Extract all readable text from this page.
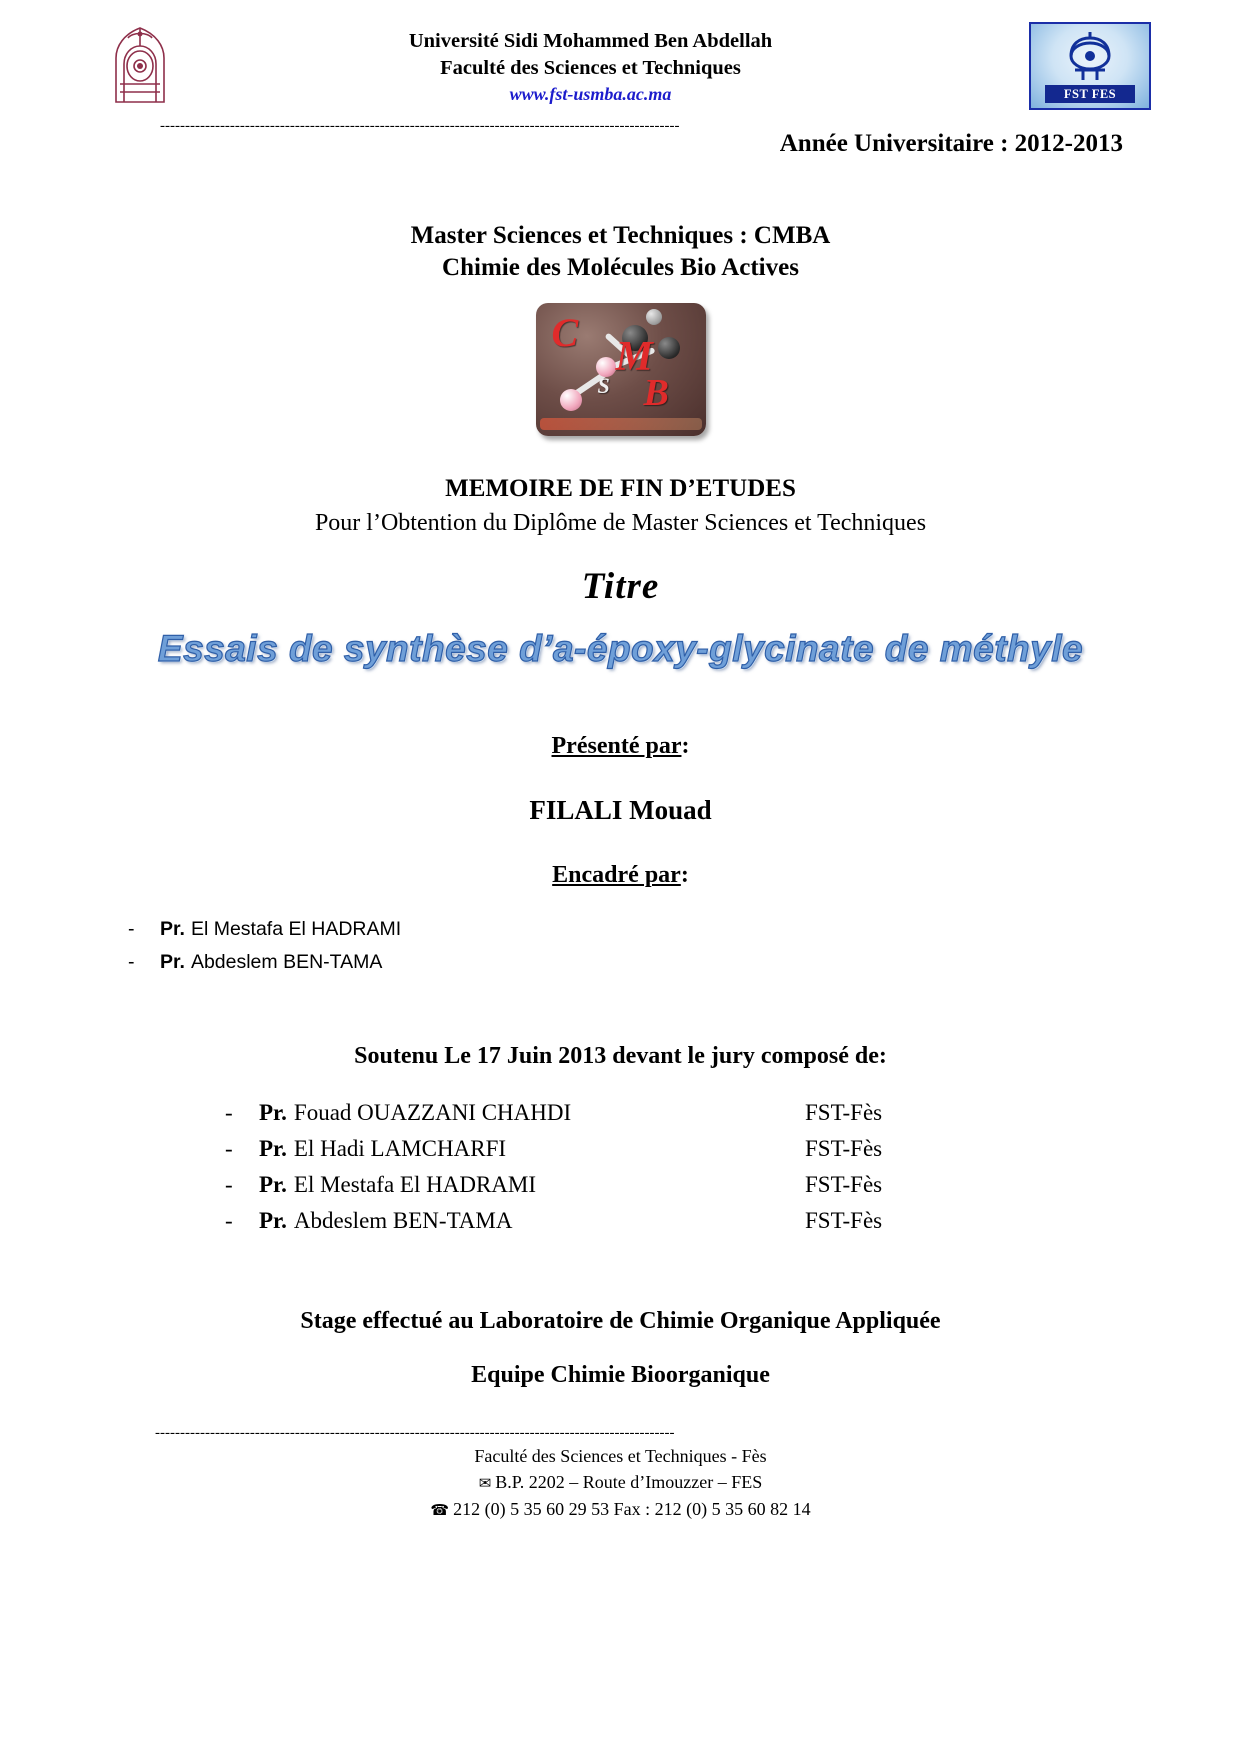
Université Sidi Mohammed Ben Abdellah
Faculté des Sciences et Techniques
www.fst-usmba.ac.ma	FST FES
--------------------------------------------------------------------------------------------------------
Année Universitaire : 2012-2013
Master Sciences et Techniques : CMBA
Chimie des Molécules Bio Actives
C
M
S B
MEMOIRE DE FIN D’ETUDES
Pour l’Obtention du Diplôme de Master Sciences et Techniques
Titre
Essais de synthèse d’a-époxy-glycinate de méthyle
Présenté par:
FILALI Mouad
Encadré par:
-	Pr. El Mestafa El HADRAMI
-	Pr. Abdeslem BEN-TAMA
Soutenu Le 17 Juin 2013 devant le jury composé de:
-	Pr. Fouad OUAZZANI CHAHDI	FST-Fès
-	Pr. El Hadi LAMCHARFI	FST-Fès
-	Pr. El Mestafa El HADRAMI	FST-Fès
-	Pr. Abdeslem BEN-TAMA	FST-Fès
Stage effectué au Laboratoire de Chimie Organique Appliquée
Equipe Chimie Bioorganique
--------------------------------------------------------------------------------------------------------
Faculté des Sciences et Techniques - Fès
✉ B.P. 2202 – Route d’Imouzzer – FES
☎ 212 (0) 5 35 60 29 53 Fax : 212 (0) 5 35 60 82 14
